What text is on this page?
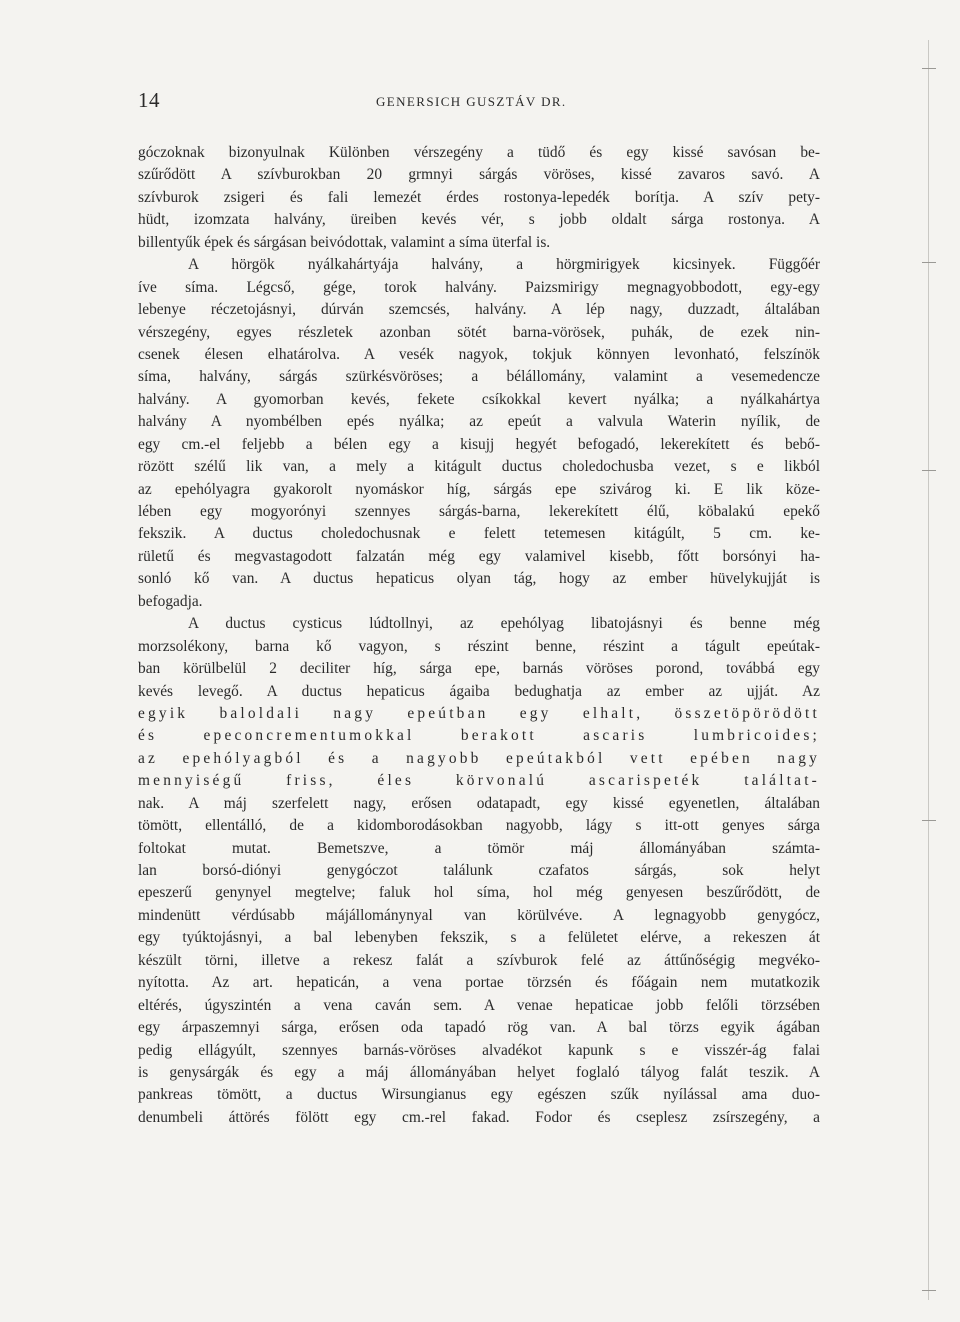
14	GENERSICH GUSZTÁV DR.
góczoknak bizonyulnak Különben vérszegény a tüdő és egy kissé savósan be-
szűrődött A szívburokban 20 grmnyi sárgás vöröses, kissé zavaros savó. A
szívburok zsigeri és fali lemezét érdes rostonya-lepedék borítja. A szív pety-
hüdt, izomzata halvány, üreiben kevés vér, s jobb oldalt sárga rostonya. A
billentyűk épek és sárgásan beivódottak, valamint a síma üterfal is.
A hörgök nyálkahártyája halvány, a hörgmirigyek kicsinyek. Függőér
íve síma. Légcső, gége, torok halvány. Paizsmirigy megnagyobbodott, egy-egy
lebenye réczetojásnyi, dúrván szemcsés, halvány. A lép nagy, duzzadt, általában
vérszegény, egyes részletek azonban sötét barna-vörösek, puhák, de ezek nin-
csenek élesen elhatárolva. A vesék nagyok, tokjuk könnyen levonható, felszínök
síma, halvány, sárgás szürkésvöröses; a bélállomány, valamint a vesemedencze
halvány. A gyomorban kevés, fekete csíkokkal kevert nyálka; a nyálkahártya
halvány A nyombélben epés nyálka; az epeút a valvula Waterin nyílik, de
egy cm.-el feljebb a bélen egy a kisujj hegyét befogadó, lekerekített és bebő-
rözött szélű lik van, a mely a kitágult ductus choledochusba vezet, s e likból
az epehólyagra gyakorolt nyomáskor híg, sárgás epe szivárog ki. E lik köze-
lében egy mogyorónyi szennyes sárgás-barna, lekerekített élű, köbalakú epekő
fekszik. A ductus choledochusnak e felett tetemesen kitágúlt, 5 cm. ke-
rületű és megvastagodott falzatán még egy valamivel kisebb, főtt borsónyi ha-
sonló kő van. A ductus hepaticus olyan tág, hogy az ember hüvelykujját is
befogadja.
A ductus cysticus lúdtollnyi, az epehólyag libatojásnyi és benne még
morzsolékony, barna kő vagyon, s részint benne, részint a tágult epeútak-
ban körülbelül 2 deciliter híg, sárga epe, barnás vöröses porond, továbbá egy
kevés levegő. A ductus hepaticus ágaiba bedughatja az ember az ujját. Az
egyik baloldali nagy epeútban egy elhalt, összetöpörödött
és epeconcrementumokkal berakott ascaris lumbricoides;
az epehólyagból és a nagyobb epeútakból vett epében nagy
mennyiségű friss, éles körvonalú ascarispeték találtat-
nak. A máj szerfelett nagy, erősen odatapadt, egy kissé egyenetlen, általában
tömött, ellentálló, de a kidomborodásokban nagyobb, lágy s itt-ott genyes sárga
foltokat mutat. Bemetszve, a tömör máj állományában számta-
lan borsó-diónyi genygóczot találunk czafatos sárgás, sok helyt
epeszerű genynyel megtelve; faluk hol síma, hol még genyesen beszűrődött, de
mindenütt vérdúsabb májállománynyal van körülvéve. A legnagyobb genygócz,
egy tyúktojásnyi, a bal lebenyben fekszik, s a felületet elérve, a rekeszen át
készült törni, illetve a rekesz falát a szívburok felé az áttűnőségig megvéko-
nyította. Az art. hepaticán, a vena portae törzsén és főágain nem mutatkozik
eltérés, úgyszintén a vena caván sem. A venae hepaticae jobb felőli törzsében
egy árpaszemnyi sárga, erősen oda tapadó rög van. A bal törzs egyik ágában
pedig ellágyúlt, szennyes barnás-vöröses alvadékot kapunk s e visszér-ág falai
is genysárgák és egy a máj állományában helyet foglaló tályog falát teszik. A
pankreas tömött, a ductus Wirsungianus egy egészen szűk nyílással ama duo-
denumbeli áttörés fölött egy cm.-rel fakad. Fodor és cseplesz zsírszegény, a
